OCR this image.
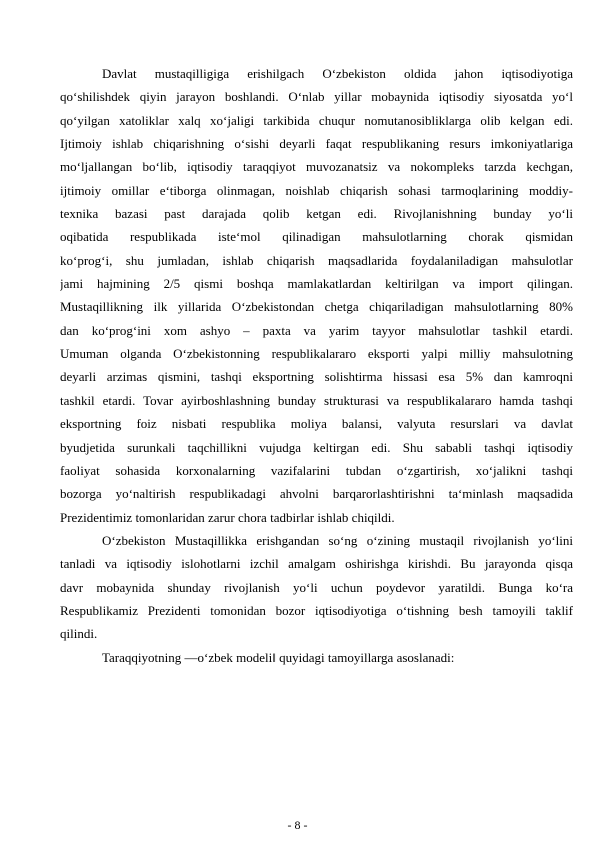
Davlat mustaqilligiga erishilgach O‘zbekiston oldida jahon iqtisodiyotiga
qo‘shilishdek qiyin jarayon boshlandi. O‘nlab yillar mobaynida iqtisodiy siyosatda yo‘l
qo‘yilgan xatoliklar xalq xo‘jaligi tarkibida chuqur nomutanosibliklarga olib kelgan edi.
Ijtimoiy ishlab chiqarishning o‘sishi deyarli faqat respublikaning resurs imkoniyatlariga
mo‘ljallangan bo‘lib, iqtisodiy taraqqiyot muvozanatsiz va nokompleks tarzda kechgan,
ijtimoiy omillar e‘tiborga olinmagan, noishlab chiqarish sohasi tarmoqlarining moddiy-
texnika bazasi past darajada qolib ketgan edi. Rivojlanishning bunday yo‘li
oqibatida respublikada iste‘mol qilinadigan mahsulotlarning chorak qismidan
ko‘prog‘i, shu jumladan, ishlab chiqarish maqsadlarida foydalaniladigan mahsulotlar
jami hajmining 2/5 qismi boshqa mamlakatlardan keltirilgan va import qilingan.
Mustaqillikning ilk yillarida O‘zbekistondan chetga chiqariladigan mahsulotlarning 80%
dan ko‘prog‘ini xom ashyo – paxta va yarim tayyor mahsulotlar tashkil etardi.
Umuman olganda O‘zbekistonning respublikalararo eksporti yalpi milliy mahsulotning
deyarli arzimas qismini, tashqi eksportning solishtirma hissasi esa 5% dan kamroqni
tashkil etardi. Tovar ayirboshlashning bunday strukturasi va respublikalararo hamda tashqi
eksportning foiz nisbati respublika moliya balansi, valyuta resurslari va davlat
byudjetida surunkali taqchillikni vujudga keltirgan edi. Shu sababli tashqi iqtisodiy
faoliyat sohasida korxonalarning vazifalarini tubdan o‘zgartirish, xo‘jalikni tashqi
bozorga yo‘naltirish respublikadagi ahvolni barqarorlashtirishni ta‘minlash maqsadida
Prezidentimiz tomonlaridan zarur chora tadbirlar ishlab chiqildi.
O‘zbekiston Mustaqillikka erishgandan so‘ng o‘zining mustaqil rivojlanish yo‘lini
tanladi va iqtisodiy islohotlarni izchil amalgam oshirishga kirishdi. Bu jarayonda qisqa
davr mobaynida shunday rivojlanish yo‘li uchun poydevor yaratildi. Bunga ko‘ra
Respublikamiz Prezidenti tomonidan bozor iqtisodiyotiga o‘tishning besh tamoyili taklif
qilindi.
Taraqqiyotning ―o‘zbek modeli‖ quyidagi tamoyillarga asoslanadi:
- 8 -
